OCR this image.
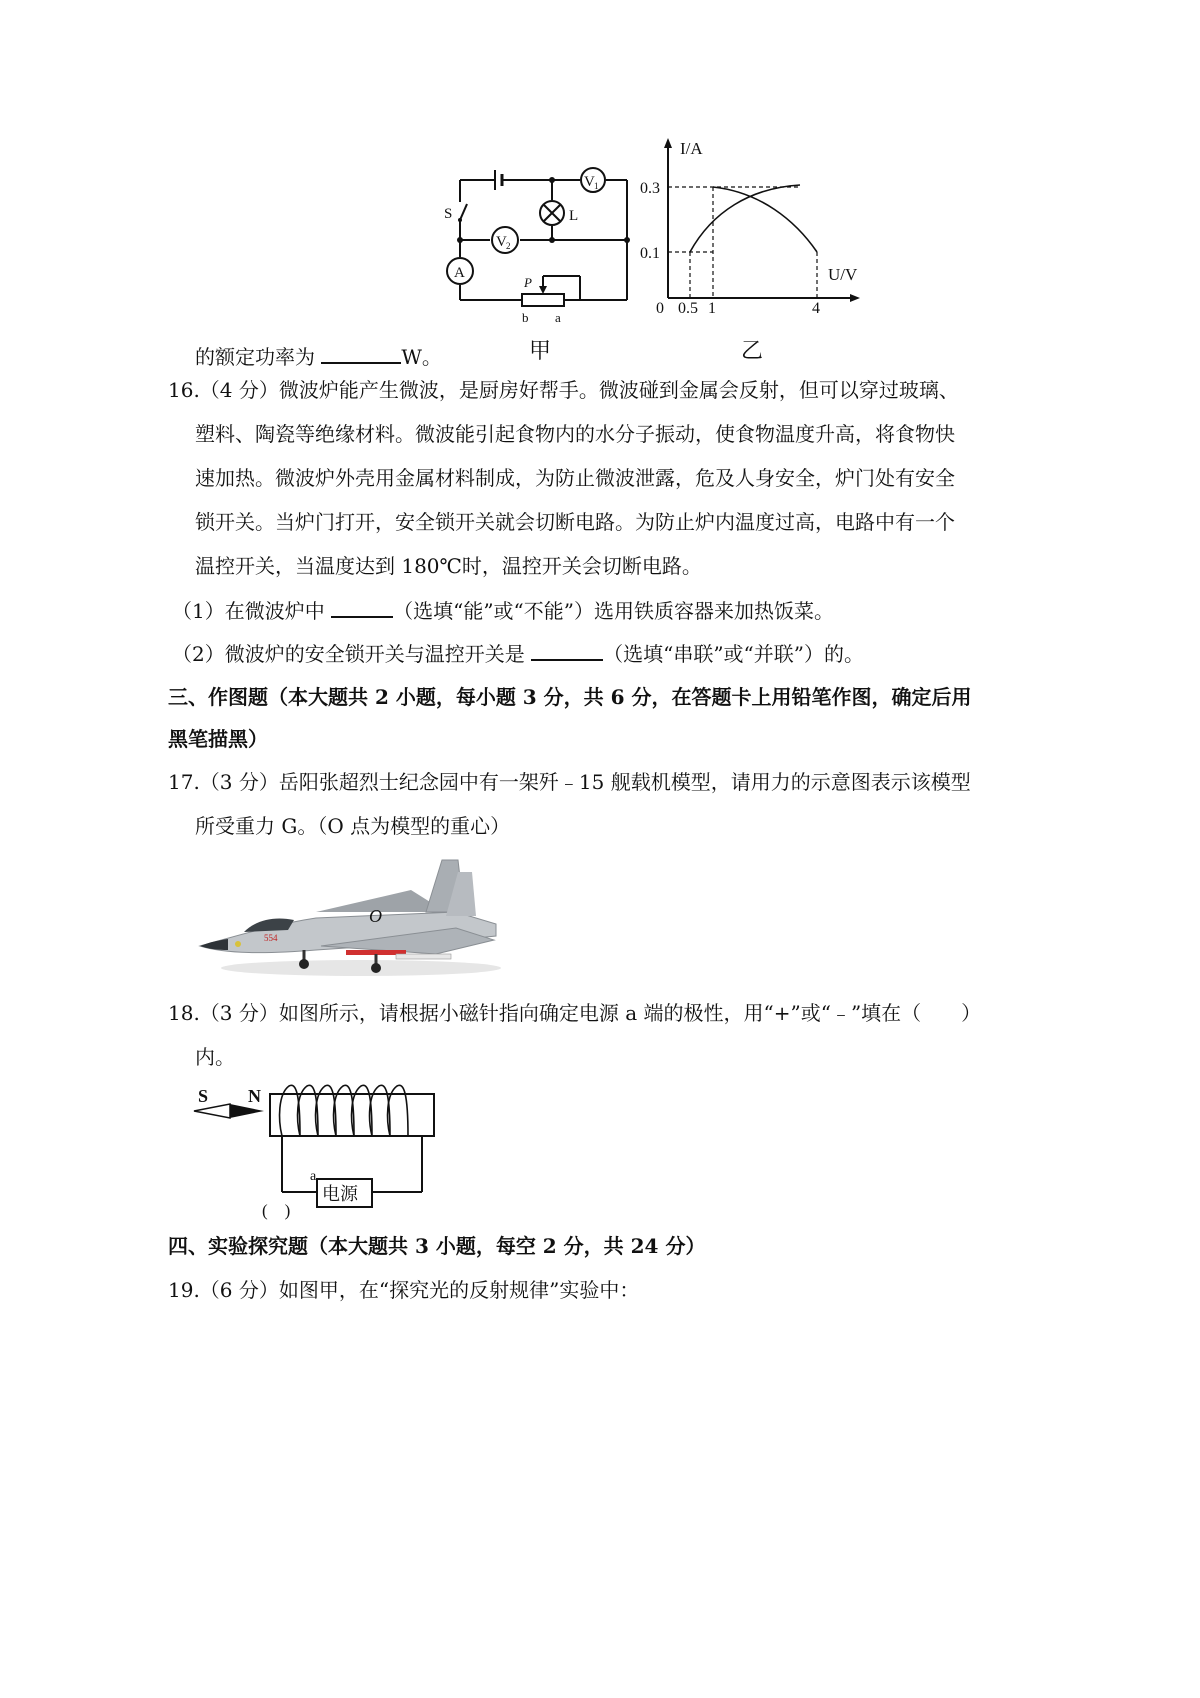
S
V 1
L
V 2
A
P
b a
甲
I/A
U/V
0
0.3
0.1
0.5 1	4
乙
的额定功率为	W。
16.（4 分）微波炉能产生微波，是厨房好帮手。微波碰到金属会反射，但可以穿过玻璃、
塑料、陶瓷等绝缘材料。微波能引起食物内的水分子振动，使食物温度升高，将食物快
速加热。微波炉外壳用金属材料制成，为防止微波泄露，危及人身安全，炉门处有安全
锁开关。当炉门打开，安全锁开关就会切断电路。为防止炉内温度过高，电路中有一个
温控开关，当温度达到 180℃时，温控开关会切断电路。
（1）在微波炉中	（选填“能”或“不能”）选用铁质容器来加热饭菜。
（2）微波炉的安全锁开关与温控开关是	（选填“串联”或“并联”）的。
三、作图题（本大题共 2 小题，每小题 3 分，共 6 分，在答题卡上用铅笔作图，确定后用
黑笔描黑）
17.（3 分）岳阳张超烈士纪念园中有一架歼﹣15 舰载机模型，请用力的示意图表示该模型
所受重力 G。（O 点为模型的重心）
554
O
18.（3 分）如图所示，请根据小磁针指向确定电源 a 端的极性，用“+”或“﹣”填在（　　）
内。
S N
电源
a
(　)
四、实验探究题（本大题共 3 小题，每空 2 分，共 24 分）
19.（6 分）如图甲，在“探究光的反射规律”实验中：
